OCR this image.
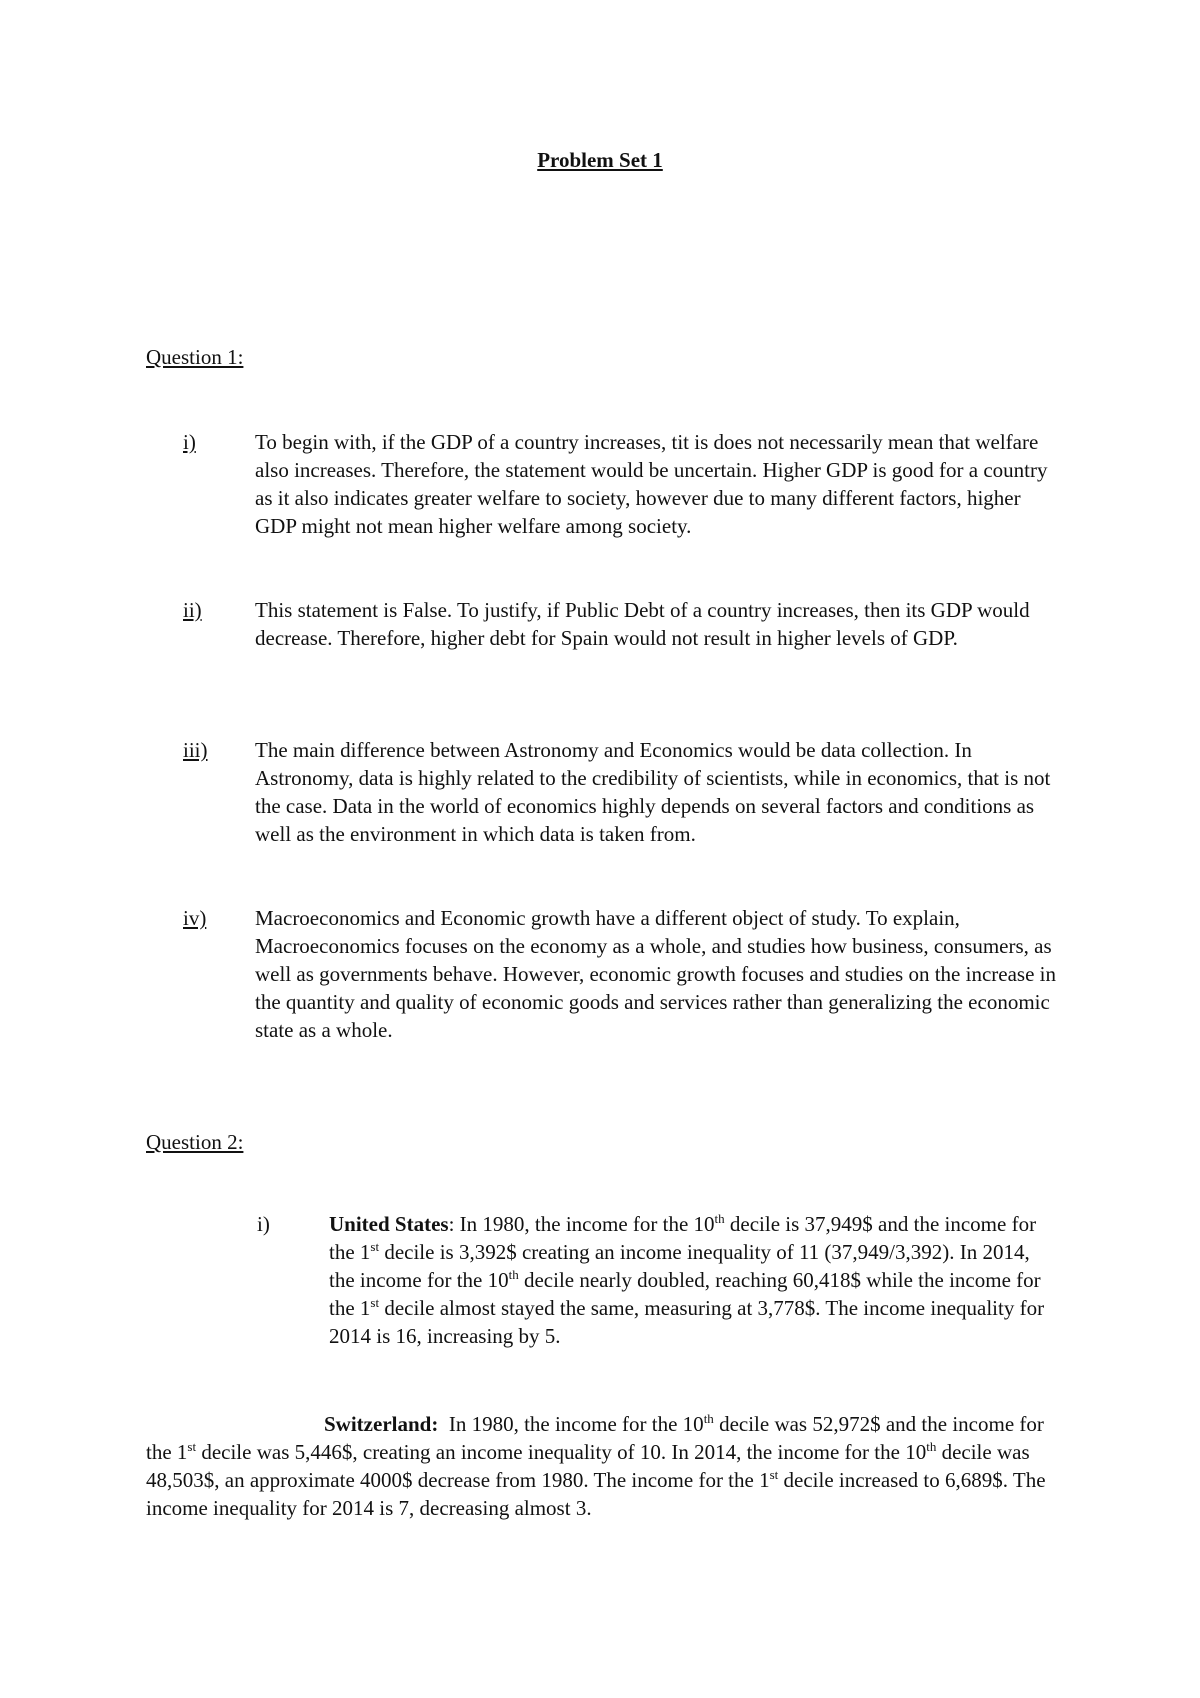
Problem Set 1
Question 1:
i)	To begin with, if the GDP of a country increases, tit is does not necessarily mean that welfare also increases. Therefore, the statement would be uncertain. Higher GDP is good for a country as it also indicates greater welfare to society, however due to many different factors, higher GDP might not mean higher welfare among society.
ii)	This statement is False. To justify, if Public Debt of a country increases, then its GDP would decrease. Therefore, higher debt for Spain would not result in higher levels of GDP.
iii)	The main difference between Astronomy and Economics would be data collection. In Astronomy, data is highly related to the credibility of scientists, while in economics, that is not the case. Data in the world of economics highly depends on several factors and conditions as well as the environment in which data is taken from.
iv)	Macroeconomics and Economic growth have a different object of study. To explain, Macroeconomics focuses on the economy as a whole, and studies how business, consumers, as well as governments behave. However, economic growth focuses and studies on the increase in the quantity and quality of economic goods and services rather than generalizing the economic state as a whole.
Question 2:
i)	United States: In 1980, the income for the 10th decile is 37,949$ and the income for the 1st decile is 3,392$ creating an income inequality of 11 (37,949/3,392). In 2014, the income for the 10th decile nearly doubled, reaching 60,418$ while the income for the 1st decile almost stayed the same, measuring at 3,778$. The income inequality for 2014 is 16, increasing by 5.
Switzerland:  In 1980, the income for the 10th decile was 52,972$ and the income for the 1st decile was 5,446$, creating an income inequality of 10. In 2014, the income for the 10th decile was 48,503$, an approximate 4000$ decrease from 1980. The income for the 1st decile increased to 6,689$. The income inequality for 2014 is 7, decreasing almost 3.
